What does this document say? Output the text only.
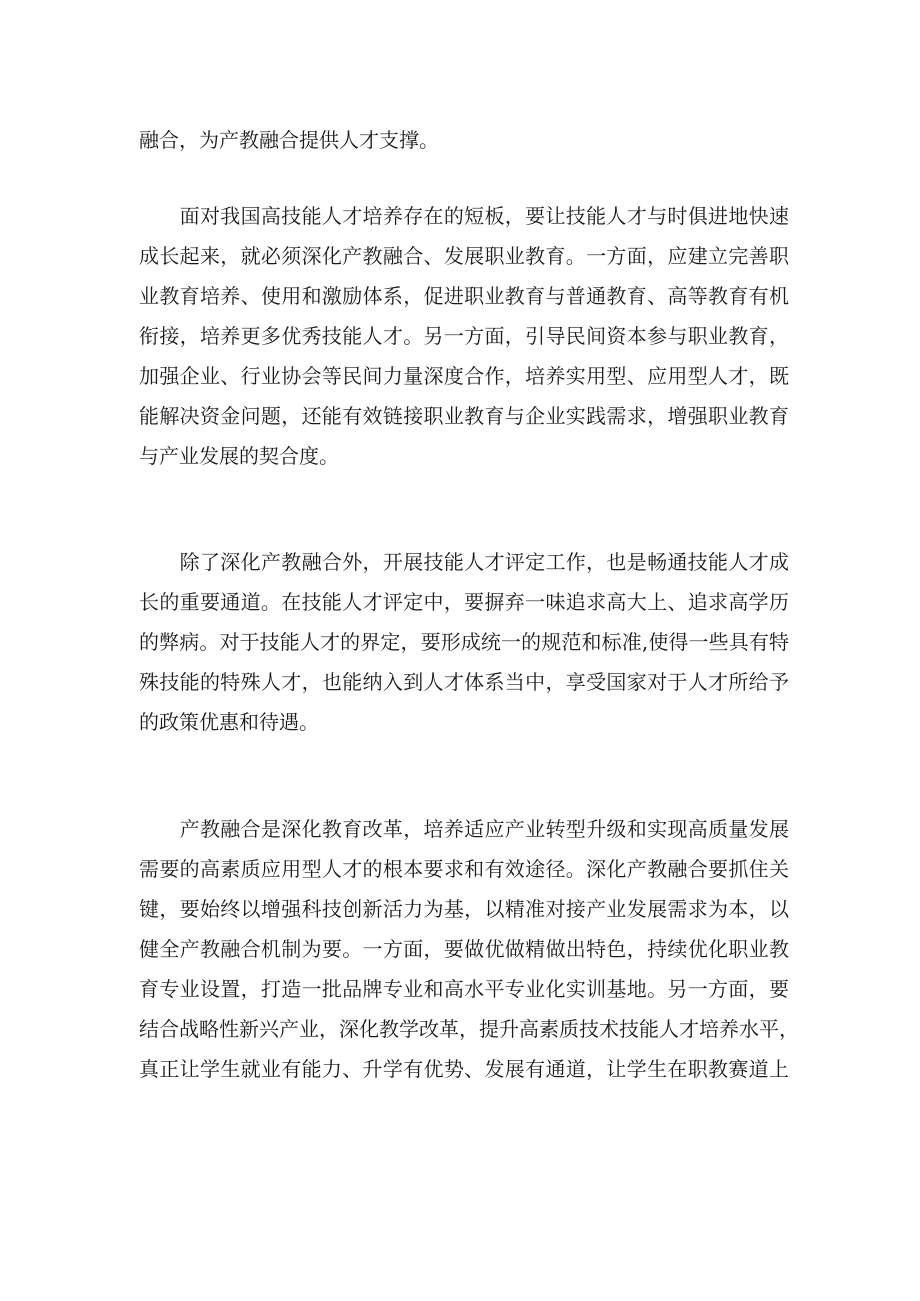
融合，为产教融合提供人才支撑。
　　面对我国高技能人才培养存在的短板，要让技能人才与时俱进地快速
成长起来，就必须深化产教融合、发展职业教育。一方面，应建立完善职
业教育培养、使用和激励体系，促进职业教育与普通教育、高等教育有机
衔接，培养更多优秀技能人才。另一方面，引导民间资本参与职业教育，
加强企业、行业协会等民间力量深度合作，培养实用型、应用型人才，既
能解决资金问题，还能有效链接职业教育与企业实践需求，增强职业教育
与产业发展的契合度。
　　除了深化产教融合外，开展技能人才评定工作，也是畅通技能人才成
长的重要通道。在技能人才评定中，要摒弃一味追求高大上、追求高学历
的弊病。对于技能人才的界定，要形成统一的规范和标准,使得一些具有特
殊技能的特殊人才，也能纳入到人才体系当中，享受国家对于人才所给予
的政策优惠和待遇。
　　产教融合是深化教育改革，培养适应产业转型升级和实现高质量发展
需要的高素质应用型人才的根本要求和有效途径。深化产教融合要抓住关
键，要始终以增强科技创新活力为基，以精准对接产业发展需求为本，以
健全产教融合机制为要。一方面，要做优做精做出特色，持续优化职业教
育专业设置，打造一批品牌专业和高水平专业化实训基地。另一方面，要
结合战略性新兴产业，深化教学改革，提升高素质技术技能人才培养水平，
真正让学生就业有能力、升学有优势、发展有通道，让学生在职教赛道上
